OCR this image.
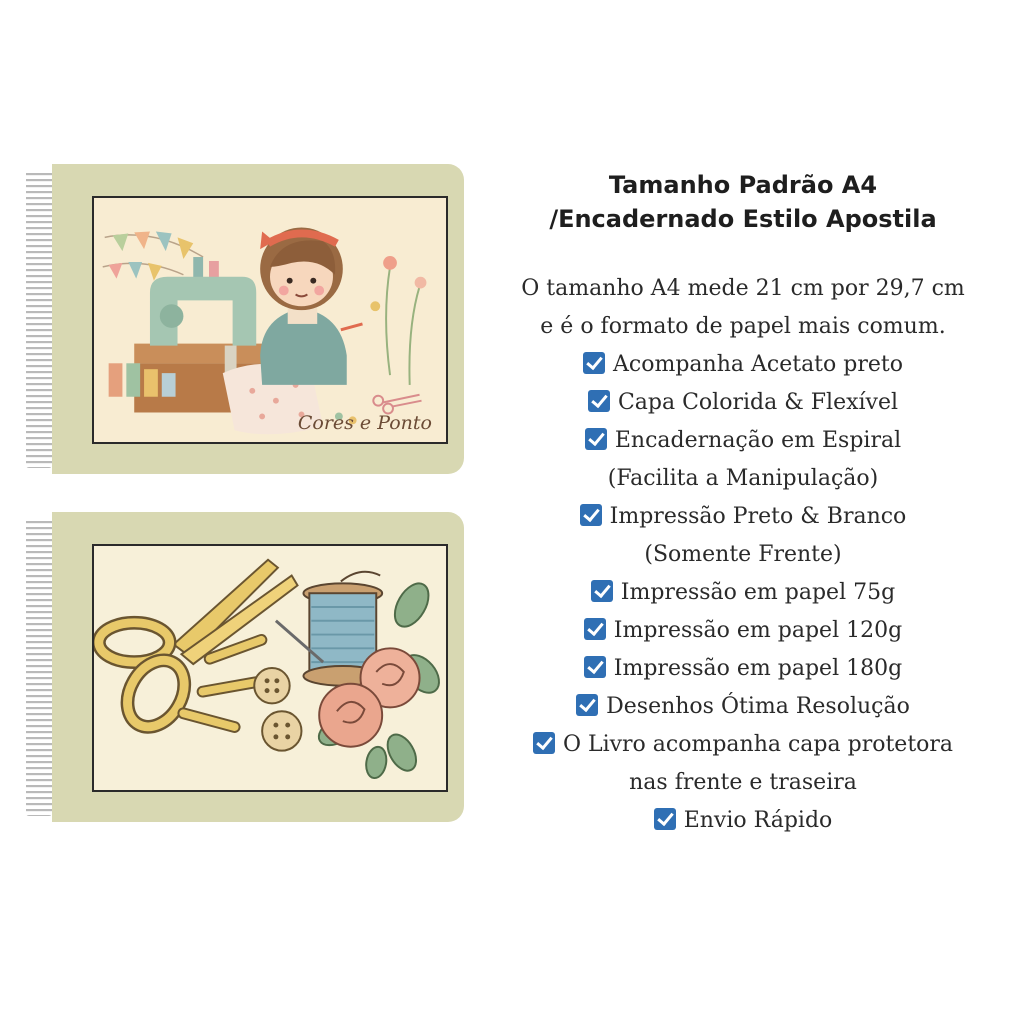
Cores e Ponto
Tamanho Padrão A4
/Encadernado Estilo Apostila
O tamanho A4 mede 21 cm por 29,7 cm
e é o formato de papel mais comum.
Acompanha Acetato preto
Capa Colorida & Flexível
Encadernação em Espiral
(Facilita a Manipulação)
Impressão Preto & Branco
(Somente Frente)
Impressão em papel 75g
Impressão em papel 120g
Impressão em papel 180g
Desenhos Ótima Resolução
O Livro acompanha capa protetora
nas frente e traseira
Envio Rápido
